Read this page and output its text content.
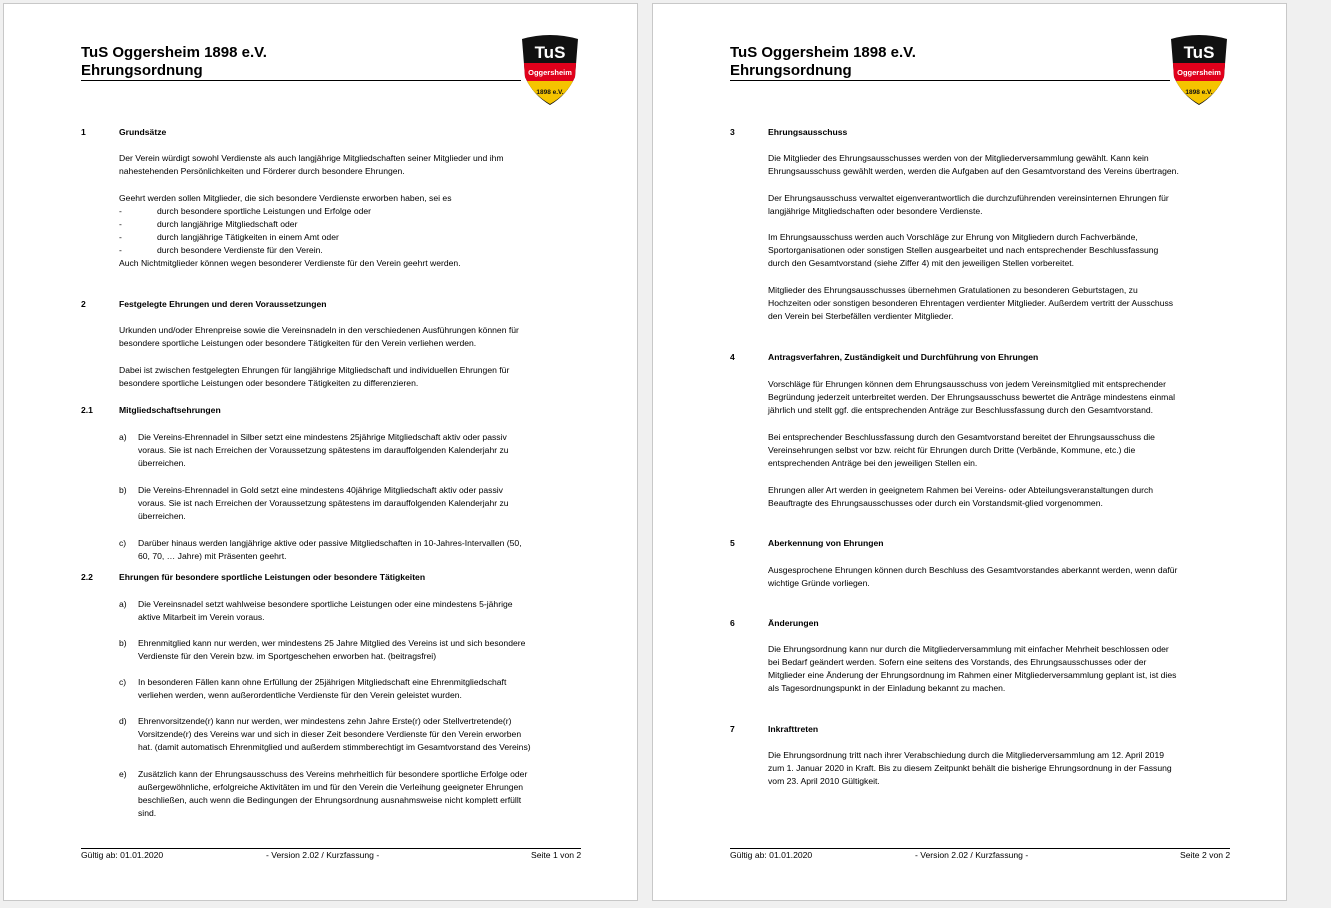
TuS Oggersheim 1898 e.V.
Ehrungsordnung
TuS
Oggersheim
1898 e.V.
1	Grundsätze
Der Verein würdigt sowohl Verdienste als auch langjährige Mitgliedschaften seiner Mitglieder und ihm
nahestehenden Persönlichkeiten und Förderer durch besondere Ehrungen.
Geehrt werden sollen Mitglieder, die sich besondere Verdienste erworben haben, sei es
-	durch besondere sportliche Leistungen und Erfolge oder
-	durch langjährige Mitgliedschaft oder
-	durch langjährige Tätigkeiten in einem Amt oder
-	durch besondere Verdienste für den Verein.
Auch Nichtmitglieder können wegen besonderer Verdienste für den Verein geehrt werden.
2	Festgelegte Ehrungen und deren Voraussetzungen
Urkunden und/oder Ehrenpreise sowie die Vereinsnadeln in den verschiedenen Ausführungen können für
besondere sportliche Leistungen oder besondere Tätigkeiten für den Verein verliehen werden.
Dabei ist zwischen festgelegten Ehrungen für langjährige Mitgliedschaft und individuellen Ehrungen für
besondere sportliche Leistungen oder besondere Tätigkeiten zu differenzieren.
2.1	Mitgliedschaftsehrungen
a) Die Vereins-Ehrennadel in Silber setzt eine mindestens 25jährige Mitgliedschaft aktiv oder passiv
voraus. Sie ist nach Erreichen der Voraussetzung spätestens im darauffolgenden Kalenderjahr zu
überreichen.
b) Die Vereins-Ehrennadel in Gold setzt eine mindestens 40jährige Mitgliedschaft aktiv oder passiv
voraus. Sie ist nach Erreichen der Voraussetzung spätestens im darauffolgenden Kalenderjahr zu
überreichen.
c) Darüber hinaus werden langjährige aktive oder passive Mitgliedschaften in 10-Jahres-Intervallen (50,
60, 70, … Jahre) mit Präsenten geehrt.
2.2	Ehrungen für besondere sportliche Leistungen oder besondere Tätigkeiten
a) Die Vereinsnadel setzt wahlweise besondere sportliche Leistungen oder eine mindestens 5-jährige
aktive Mitarbeit im Verein voraus.
b) Ehrenmitglied kann nur werden, wer mindestens 25 Jahre Mitglied des Vereins ist und sich besondere
Verdienste für den Verein bzw. im Sportgeschehen erworben hat. (beitragsfrei)
c) In besonderen Fällen kann ohne Erfüllung der 25jährigen Mitgliedschaft eine Ehrenmitgliedschaft
verliehen werden, wenn außerordentliche Verdienste für den Verein geleistet wurden.
d) Ehrenvorsitzende(r) kann nur werden, wer mindestens zehn Jahre Erste(r) oder Stellvertretende(r)
Vorsitzende(r) des Vereins war und sich in dieser Zeit besondere Verdienste für den Verein erworben
hat. (damit automatisch Ehrenmitglied und außerdem stimmberechtigt im Gesamtvorstand des Vereins)
e) Zusätzlich kann der Ehrungsausschuss des Vereins mehrheitlich für besondere sportliche Erfolge oder
außergewöhnliche, erfolgreiche Aktivitäten im und für den Verein die Verleihung geeigneter Ehrungen
beschließen, auch wenn die Bedingungen der Ehrungsordnung ausnahmsweise nicht komplett erfüllt
sind.
Gültig ab: 01.01.2020	- Version 2.02 / Kurzfassung -	Seite 1 von 2
TuS Oggersheim 1898 e.V.
Ehrungsordnung
TuS
Oggersheim
1898 e.V.
3	Ehrungsausschuss
Die Mitglieder des Ehrungsausschusses werden von der Mitgliederversammlung gewählt. Kann kein
Ehrungsausschuss gewählt werden, werden die Aufgaben auf den Gesamtvorstand des Vereins übertragen.
Der Ehrungsausschuss verwaltet eigenverantwortlich die durchzuführenden vereinsinternen Ehrungen für
langjährige Mitgliedschaften oder besondere Verdienste.
Im Ehrungsausschuss werden auch Vorschläge zur Ehrung von Mitgliedern durch Fachverbände,
Sportorganisationen oder sonstigen Stellen ausgearbeitet und nach entsprechender Beschlussfassung
durch den Gesamtvorstand (siehe Ziffer 4) mit den jeweiligen Stellen vorbereitet.
Mitglieder des Ehrungsausschusses übernehmen Gratulationen zu besonderen Geburtstagen, zu
Hochzeiten oder sonstigen besonderen Ehrentagen verdienter Mitglieder. Außerdem vertritt der Ausschuss
den Verein bei Sterbefällen verdienter Mitglieder.
4	Antragsverfahren, Zuständigkeit und Durchführung von Ehrungen
Vorschläge für Ehrungen können dem Ehrungsausschuss von jedem Vereinsmitglied mit entsprechender
Begründung jederzeit unterbreitet werden. Der Ehrungsausschuss bewertet die Anträge mindestens einmal
jährlich und stellt ggf. die entsprechenden Anträge zur Beschlussfassung durch den Gesamtvorstand.
Bei entsprechender Beschlussfassung durch den Gesamtvorstand bereitet der Ehrungsausschuss die
Vereinsehrungen selbst vor bzw. reicht für Ehrungen durch Dritte (Verbände, Kommune, etc.) die
entsprechenden Anträge bei den jeweiligen Stellen ein.
Ehrungen aller Art werden in geeignetem Rahmen bei Vereins- oder Abteilungsveranstaltungen durch
Beauftragte des Ehrungsausschusses oder durch ein Vorstandsmit-glied vorgenommen.
5	Aberkennung von Ehrungen
Ausgesprochene Ehrungen können durch Beschluss des Gesamtvorstandes aberkannt werden, wenn dafür
wichtige Gründe vorliegen.
6	Änderungen
Die Ehrungsordnung kann nur durch die Mitgliederversammlung mit einfacher Mehrheit beschlossen oder
bei Bedarf geändert werden. Sofern eine seitens des Vorstands, des Ehrungsausschusses oder der
Mitglieder eine Änderung der Ehrungsordnung im Rahmen einer Mitgliederversammlung geplant ist, ist dies
als Tagesordnungspunkt in der Einladung bekannt zu machen.
7	Inkrafttreten
Die Ehrungsordnung tritt nach ihrer Verabschiedung durch die Mitgliederversammlung am 12. April 2019
zum 1. Januar 2020 in Kraft. Bis zu diesem Zeitpunkt behält die bisherige Ehrungsordnung in der Fassung
vom 23. April 2010 Gültigkeit.
Gültig ab: 01.01.2020	- Version 2.02 / Kurzfassung -	Seite 2 von 2
